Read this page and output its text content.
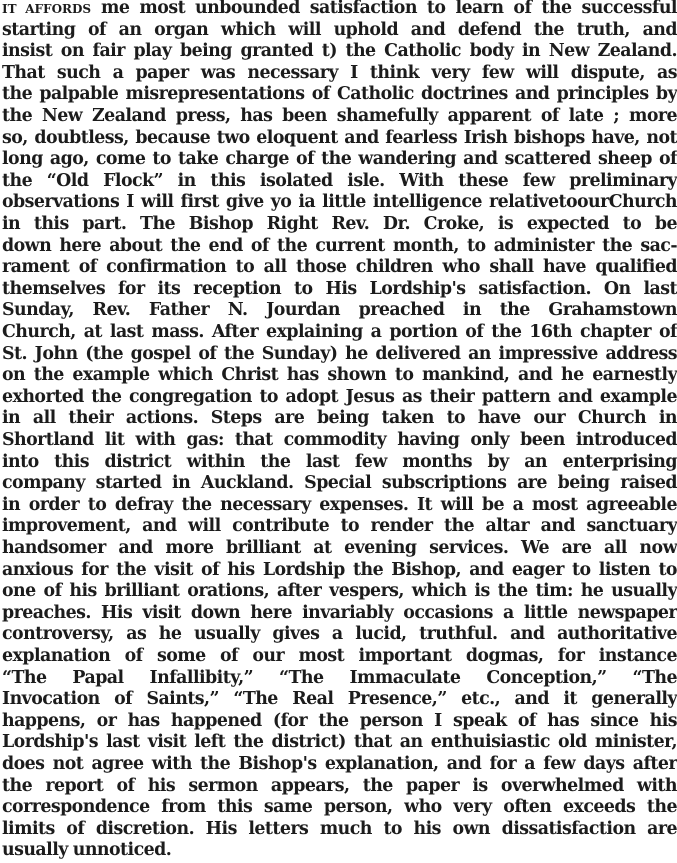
IT AFFORDS me most unbounded satisfaction to learn of the successful
starting of an organ which will uphold and defend the truth, and
insist on fair play being granted t) the Catholic body in New Zealand.
That such a paper was necessary I think very few will dispute, as
the palpable misrepresentations of Catholic doctrines and principles by
the New Zealand press, has been shamefully apparent of late ; more
so, doubtless, because two eloquent and fearless Irish bishops have, not
long ago, come to take charge of the wandering and scattered sheep of
the “Old Flock” in this isolated isle. With these few preliminary
observations I will first give yo ia little intelligence relativetoourChurch
in this part. The Bishop Right Rev. Dr. Croke, is expected to be
down here about the end of the current month, to administer the sac-
rament of confirmation to all those children who shall have qualified
themselves for its reception to His Lordship's satisfaction. On last
Sunday, Rev. Father N. Jourdan preached in the Grahamstown
Church, at last mass. After explaining a portion of the 16th chapter of
St. John (the gospel of the Sunday) he delivered an impressive address
on the example which Christ has shown to mankind, and he earnestly
exhorted the congregation to adopt Jesus as their pattern and example
in all their actions. Steps are being taken to have our Church in
Shortland lit with gas: that commodity having only been introduced
into this district within the last few months by an enterprising
company started in Auckland. Special subscriptions are being raised
in order to defray the necessary expenses. It will be a most agreeable
improvement, and will contribute to render the altar and sanctuary
handsomer and more brilliant at evening services. We are all now
anxious for the visit of his Lordship the Bishop, and eager to listen to
one of his brilliant orations, after vespers, which is the tim: he usually
preaches. His visit down here invariably occasions a little newspaper
controversy, as he usually gives a lucid, truthful. and authoritative
explanation of some of our most important dogmas, for instance
“The Papal Infallibity,” “The Immaculate Conception,” “The
Invocation of Saints,” “The Real Presence,” etc., and it generally
happens, or has happened (for the person I speak of has since his
Lordship's last visit left the district) that an enthuisiastic old minister,
does not agree with the Bishop's explanation, and for a few days after
the report of his sermon appears, the paper is overwhelmed with
correspondence from this same person, who very often exceeds the
limits of discretion. His letters much to his own dissatisfaction are
usually unnoticed.
